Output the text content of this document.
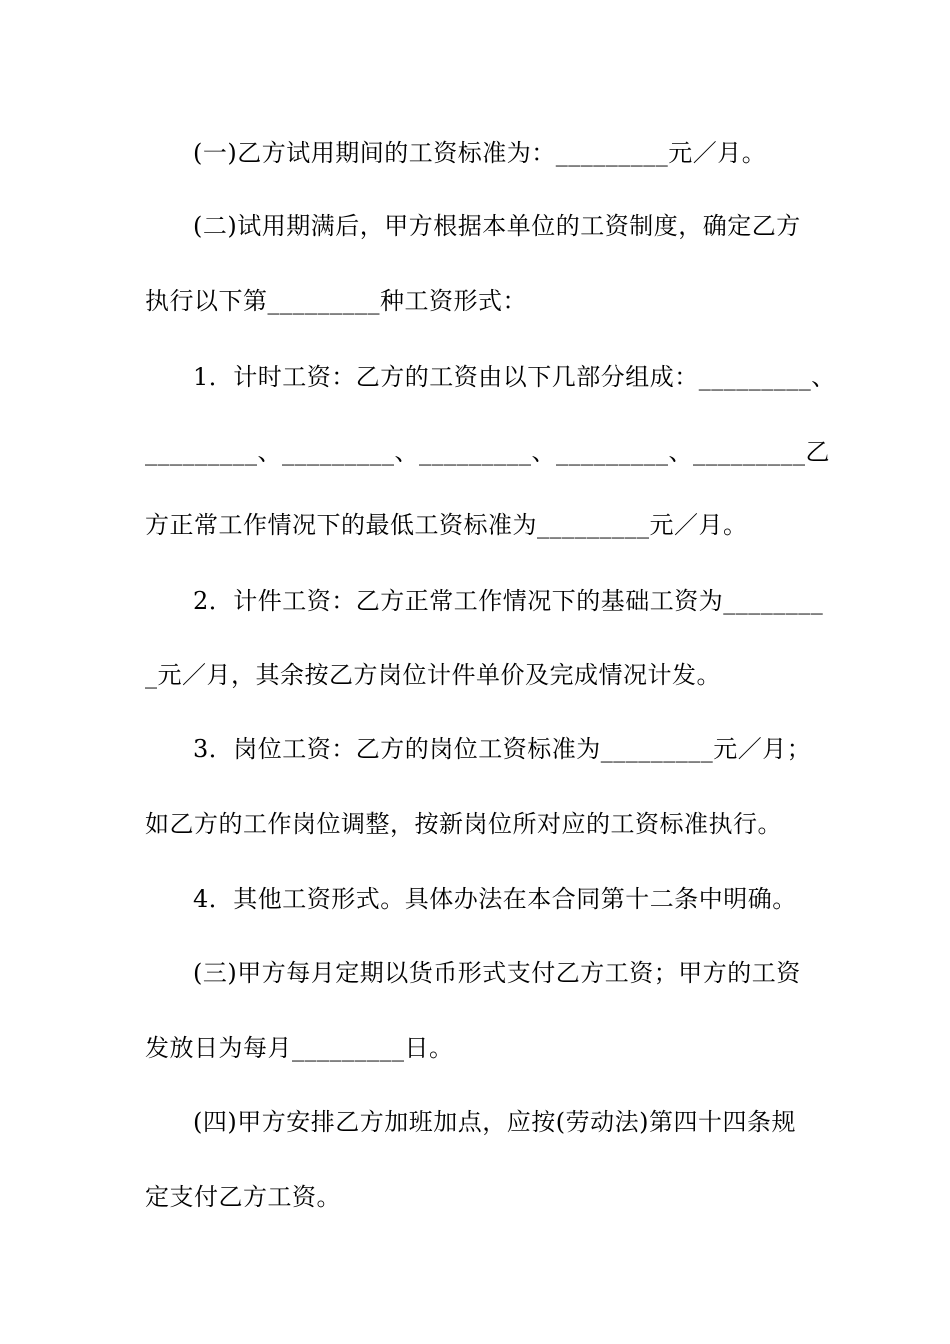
(一)乙方试用期间的工资标准为：_________元／月。
(二)试用期满后，甲方根据本单位的工资制度，确定乙方
执行以下第_________种工资形式：
1．计时工资：乙方的工资由以下几部分组成：_________、
_________、_________、_________、_________、_________乙
方正常工作情况下的最低工资标准为_________元／月。
2．计件工资：乙方正常工作情况下的基础工资为________
_元／月，其余按乙方岗位计件单价及完成情况计发。
3．岗位工资：乙方的岗位工资标准为_________元／月；
如乙方的工作岗位调整，按新岗位所对应的工资标准执行。
4．其他工资形式。具体办法在本合同第十二条中明确。
(三)甲方每月定期以货币形式支付乙方工资；甲方的工资
发放日为每月_________日。
(四)甲方安排乙方加班加点，应按(劳动法)第四十四条规
定支付乙方工资。
